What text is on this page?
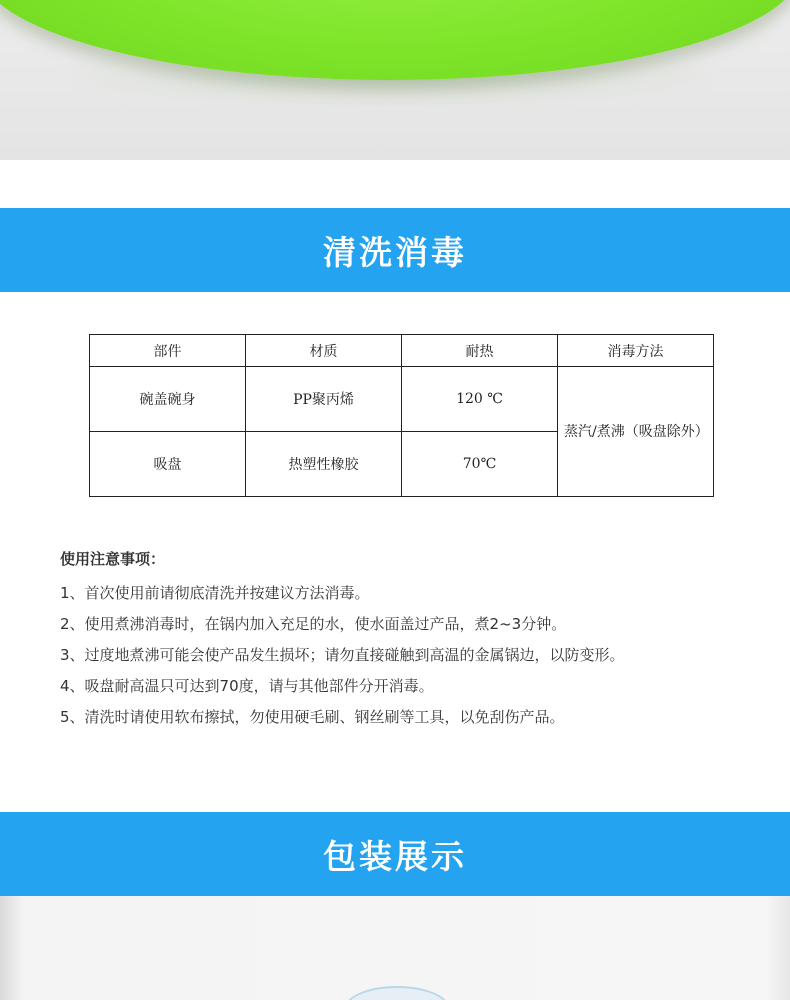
清洗消毒
部件	材质	耐热	消毒方法
碗盖碗身	PP聚丙烯	120 ℃	蒸汽/煮沸（吸盘除外）
吸盘	热塑性橡胶	70℃	
使用注意事项：
1、首次使用前请彻底清洗并按建议方法消毒。
2、使用煮沸消毒时，在锅内加入充足的水，使水面盖过产品，煮2~3分钟。
3、过度地煮沸可能会使产品发生损坏；请勿直接碰触到高温的金属锅边，以防变形。
4、吸盘耐高温只可达到70度，请与其他部件分开消毒。
5、清洗时请使用软布擦拭，勿使用硬毛刷、钢丝刷等工具，以免刮伤产品。
包装展示
